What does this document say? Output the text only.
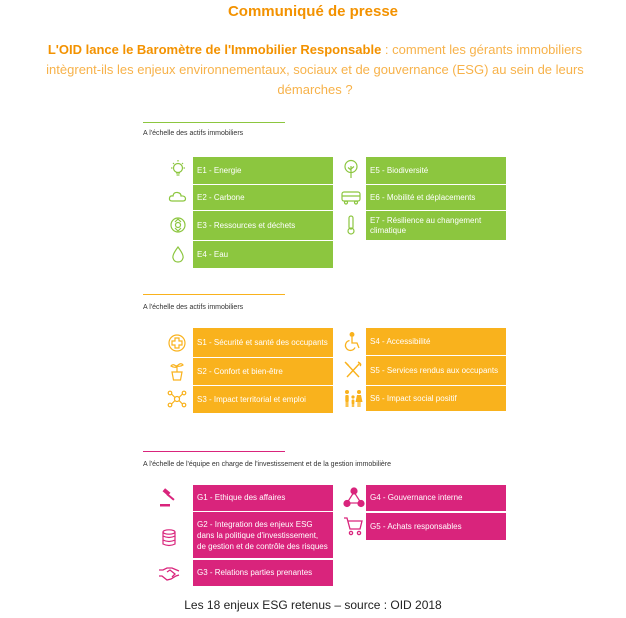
Communiqué de presse
L'OID lance le Baromètre de l'Immobilier Responsable : comment les gérants immobiliers intègrent-ils les enjeux environnementaux, sociaux et de gouvernance (ESG) au sein de leurs démarches ?
A l'échelle des actifs immobiliers
E1 - Energie
E2 - Carbone
E3 - Ressources et déchets
E4 - Eau
E5 - Biodiversité
E6 - Mobilité et déplacements
E7 - Résilience au changement climatique
A l'échelle des actifs immobiliers
S1 - Sécurité et santé des occupants
S2 - Confort et bien-être
S3 - Impact territorial et emploi
S4 - Accessibilité
S5 - Services rendus aux occupants
S6 - Impact social positif
A l'échelle de l'équipe en charge de l'investissement et de la gestion immobilière
G1 - Ethique des affaires
G2 - Integration des enjeux ESG dans la politique d'investissement, de gestion et de contrôle des risques
G3 - Relations parties prenantes
G4 - Gouvernance interne
G5 - Achats responsables
Les 18 enjeux ESG retenus – source : OID 2018
